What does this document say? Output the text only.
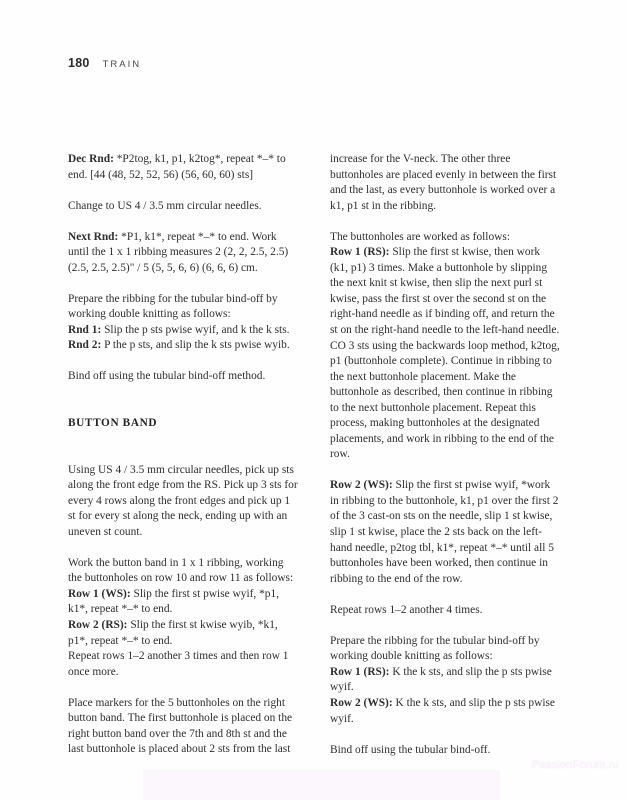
180 TRAIN

Dec Rnd: *P2tog, k1, p1, k2tog*, repeat *–* to end. [44 (48, 52, 52, 56) (56, 60, 60) sts]

Change to US 4 / 3.5 mm circular needles.

Next Rnd: *P1, k1*, repeat *–* to end. Work until the 1 x 1 ribbing measures 2 (2, 2, 2.5, 2.5) (2.5, 2.5, 2.5)" / 5 (5, 5, 6, 6) (6, 6, 6) cm.

Prepare the ribbing for the tubular bind-off by working double knitting as follows:

Rnd 1: Slip the p sts pwise wyif, and k the k sts.

Rnd 2: P the p sts, and slip the k sts pwise wyib.

Bind off using the tubular bind-off method.

BUTTON BAND

Using US 4 / 3.5 mm circular needles, pick up sts along the front edge from the RS. Pick up 3 sts for every 4 rows along the front edges and pick up 1 st for every st along the neck, ending up with an uneven st count.

Work the button band in 1 x 1 ribbing, working the buttonholes on row 10 and row 11 as follows:

Row 1 (WS): Slip the first st pwise wyif, *p1, k1*, repeat *–* to end.

Row 2 (RS): Slip the first st kwise wyib, *k1, p1*, repeat *–* to end.

Repeat rows 1–2 another 3 times and then row 1 once more.

Place markers for the 5 buttonholes on the right button band. The first buttonhole is placed on the right button band over the 7th and 8th st and the last buttonhole is placed about 2 sts from the last

increase for the V-neck. The other three buttonholes are placed evenly in between the first and the last, as every buttonhole is worked over a k1, p1 st in the ribbing.

The buttonholes are worked as follows:

Row 1 (RS): Slip the first st kwise, then work (k1, p1) 3 times. Make a buttonhole by slipping the next knit st kwise, then slip the next purl st kwise, pass the first st over the second st on the right-hand needle as if binding off, and return the st on the right-hand needle to the left-hand needle. CO 3 sts using the backwards loop method, k2tog, p1 (buttonhole complete). Continue in ribbing to the next buttonhole placement. Make the buttonhole as described, then continue in ribbing to the next buttonhole placement. Repeat this process, making buttonholes at the designated placements, and work in ribbing to the end of the row.

Row 2 (WS): Slip the first st pwise wyif, *work in ribbing to the buttonhole, k1, p1 over the first 2 of the 3 cast-on sts on the needle, slip 1 st kwise, slip 1 st kwise, place the 2 sts back on the left-hand needle, p2tog tbl, k1*, repeat *–* until all 5 buttonholes have been worked, then continue in ribbing to the end of the row.

Repeat rows 1–2 another 4 times.

Prepare the ribbing for the tubular bind-off by working double knitting as follows:

Row 1 (RS): K the k sts, and slip the p sts pwise wyif.

Row 2 (WS): K the k sts, and slip the p sts pwise wyif.

Bind off using the tubular bind-off.

PassionForum.ru
